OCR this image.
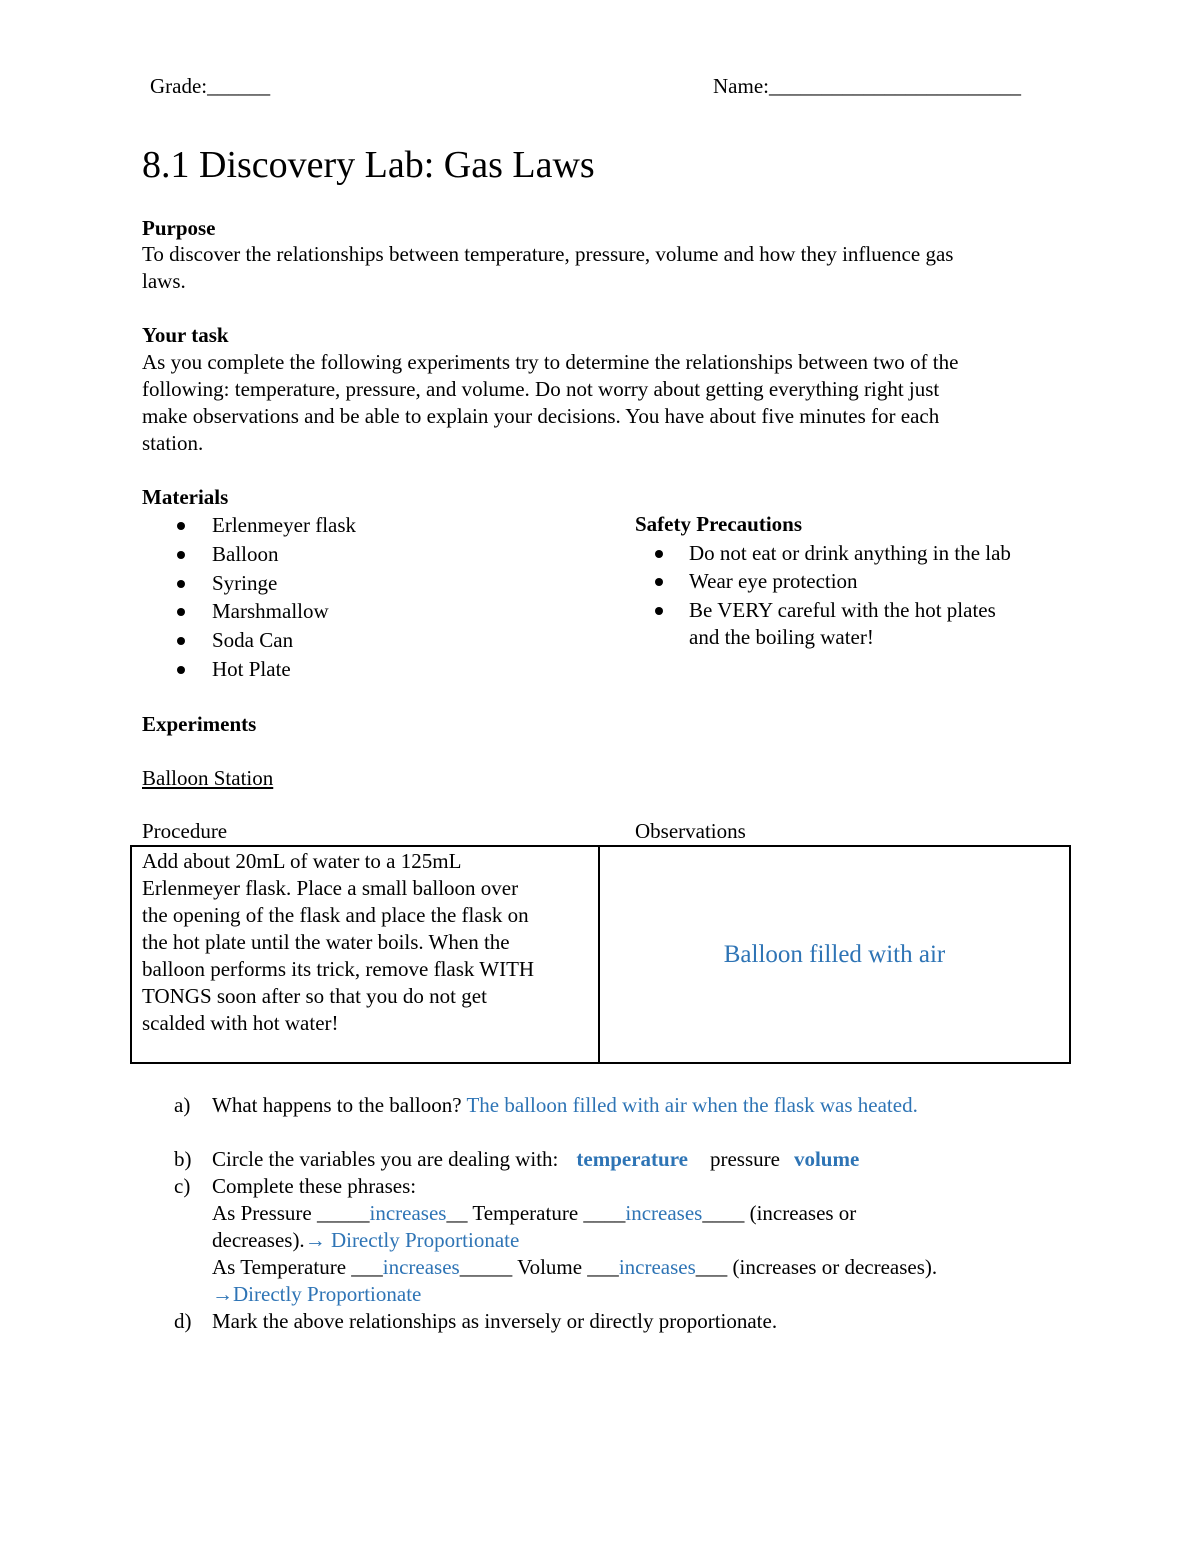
Grade:______	Name:________________________
8.1 Discovery Lab: Gas Laws
Purpose
To discover the relationships between temperature, pressure, volume and how they influence gas
laws.
Your task
As you complete the following experiments try to determine the relationships between two of the
following: temperature, pressure, and volume. Do not worry about getting everything right just
make observations and be able to explain your decisions. You have about five minutes for each
station.
Materials
Erlenmeyer flask
Balloon
Syringe
Marshmallow
Soda Can
Hot Plate
Safety Precautions
Do not eat or drink anything in the lab
Wear eye protection
Be VERY careful with the hot plates
and the boiling water!
Experiments
Balloon Station
Procedure	Observations
Add about 20mL of water to a 125mL
Erlenmeyer flask. Place a small balloon over
the opening of the flask and place the flask on
the hot plate until the water boils. When the
balloon performs its trick, remove flask WITH
TONGS soon after so that you do not get
scalded with hot water!
Balloon filled with air
a) What happens to the balloon? The balloon filled with air when the flask was heated.
b) Circle the variables you are dealing with: temperature pressure volume
c) Complete these phrases:
As Pressure _____increases__ Temperature ____increases____ (increases or
decreases).→ Directly Proportionate
As Temperature ___increases_____ Volume ___increases___ (increases or decreases).
→Directly Proportionate
d) Mark the above relationships as inversely or directly proportionate.
